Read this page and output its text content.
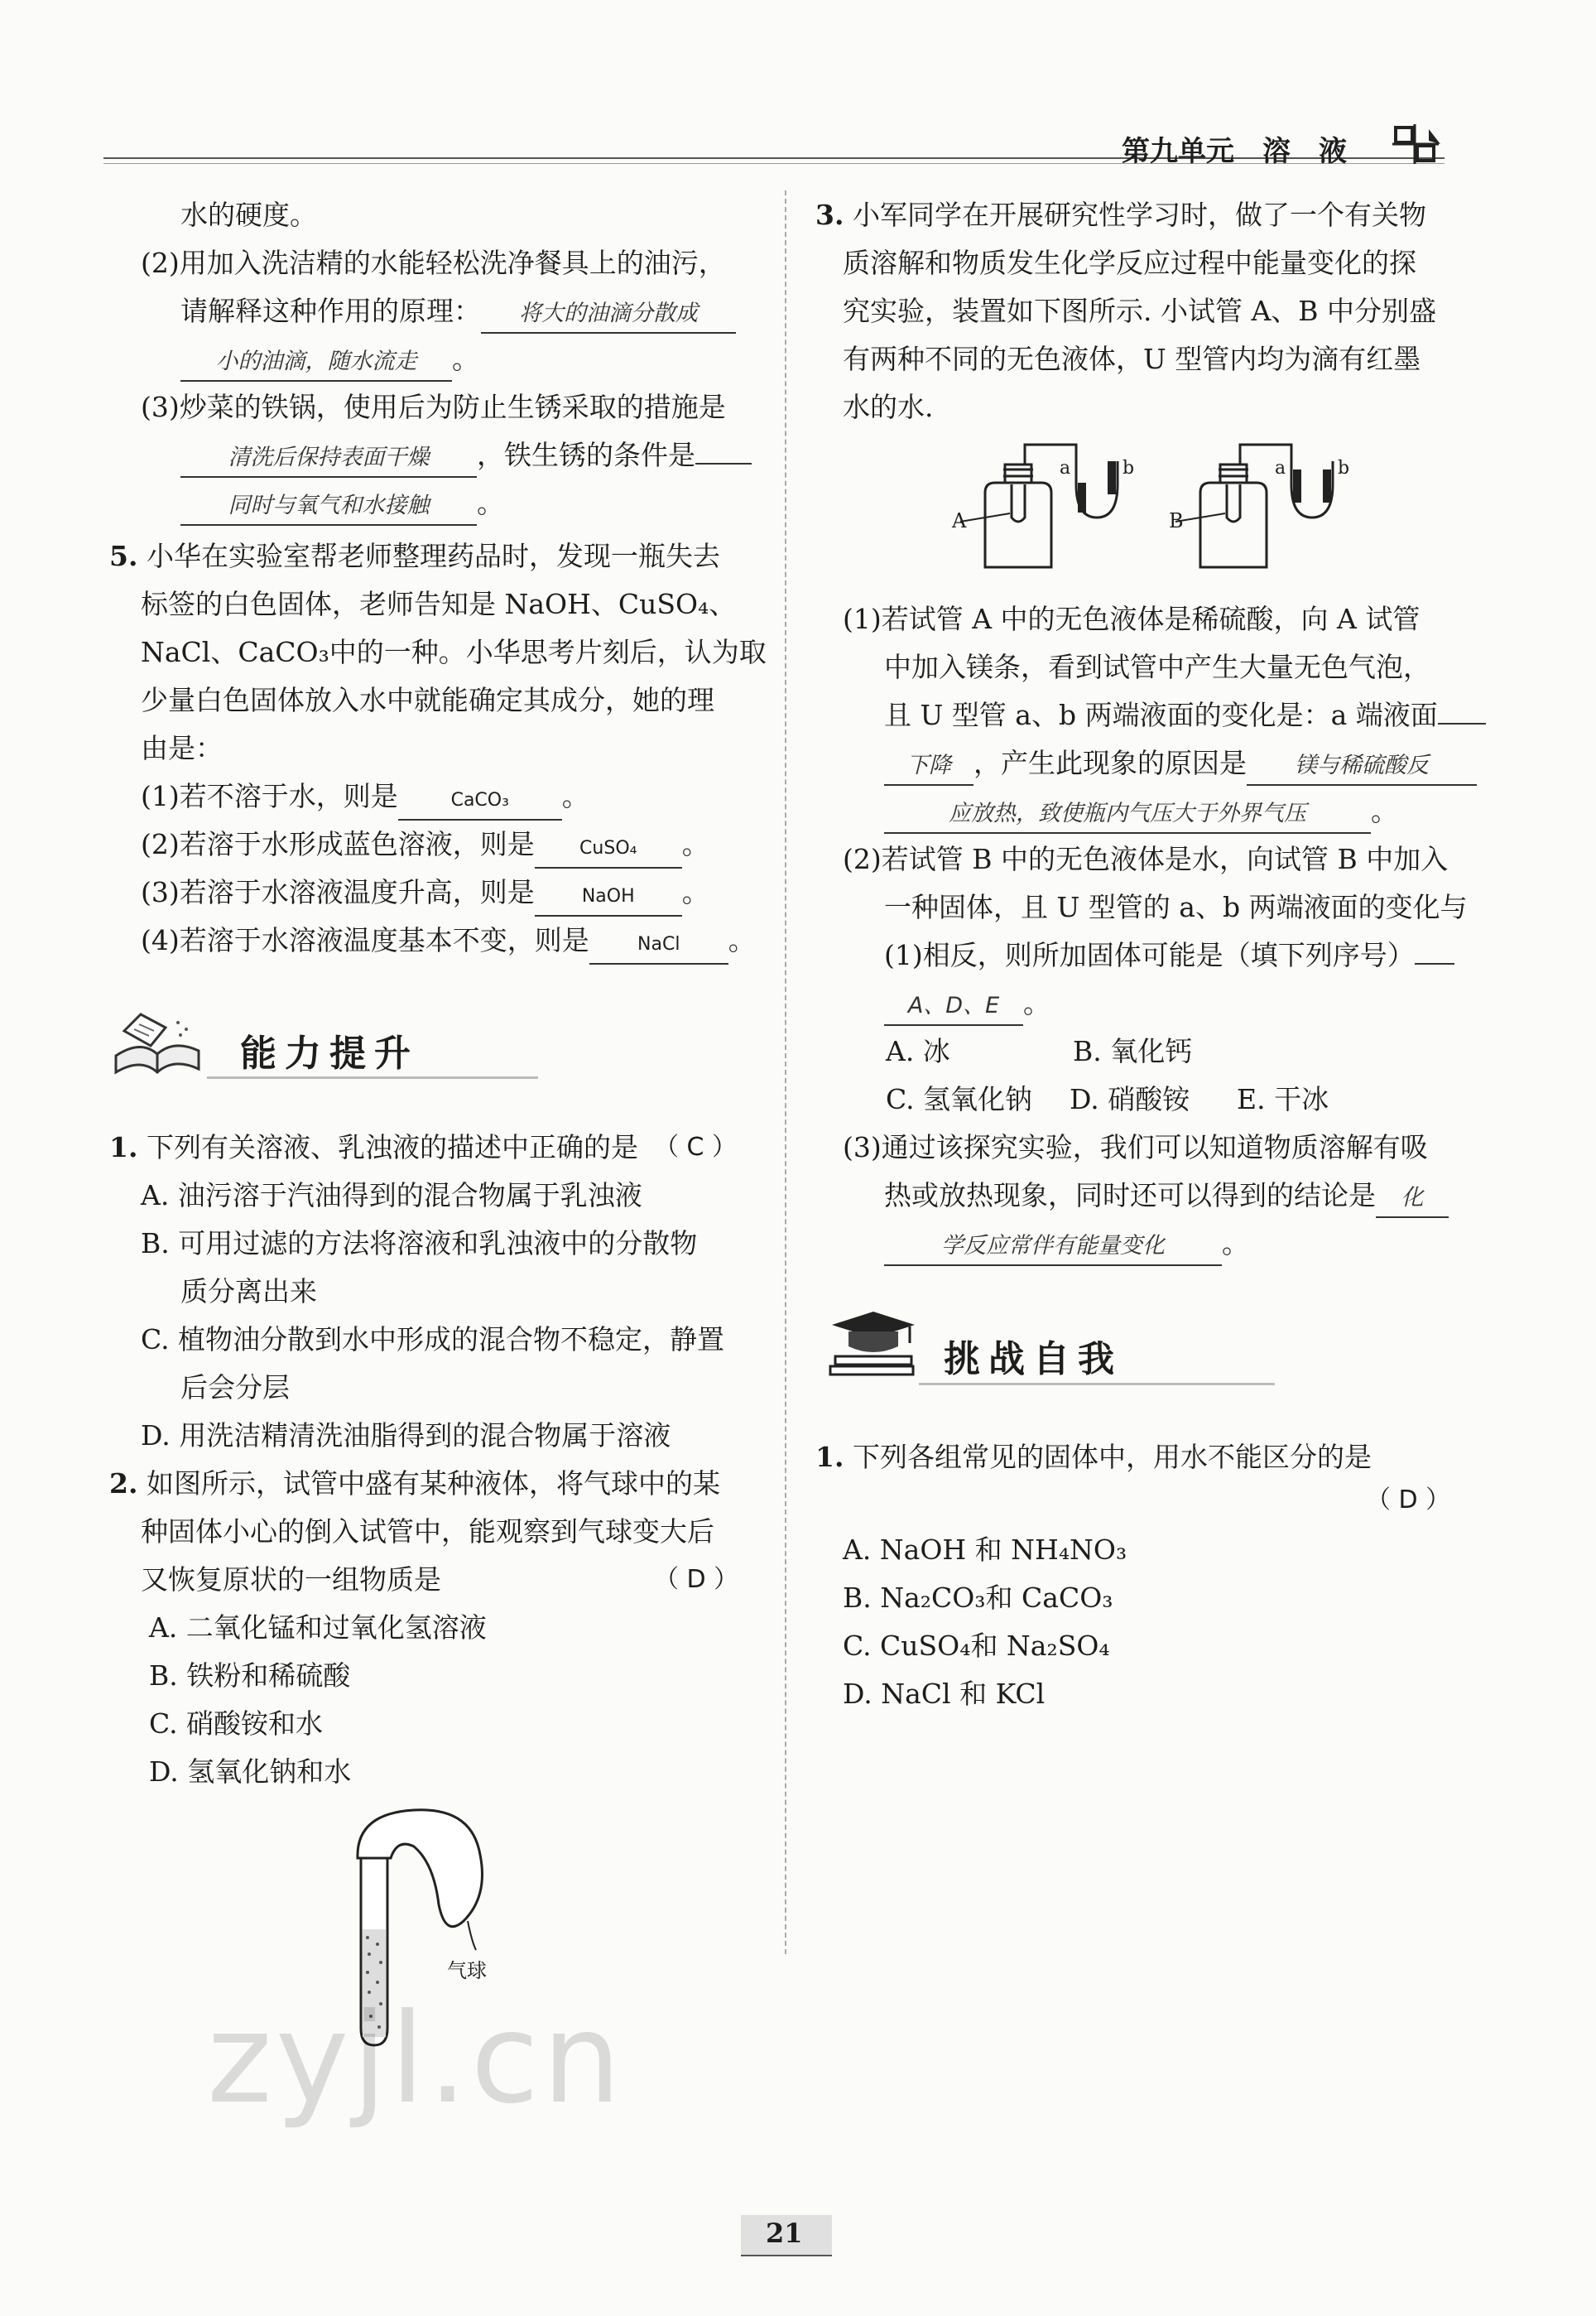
第九单元　溶　液
水的硬度。
(2)用加入洗洁精的水能轻松洗净餐具上的油污，
请解释这种作用的原理： 将大的油滴分散成
小的油滴，随水流走 。
(3)炒菜的铁锅，使用后为防止生锈采取的措施是
清洗后保持表面干燥 ，铁生锈的条件是
同时与氧气和水接触 。
5. 小华在实验室帮老师整理药品时，发现一瓶失去
标签的白色固体，老师告知是 NaOH、CuSO₄、
NaCl、CaCO₃中的一种。小华思考片刻后，认为取
少量白色固体放入水中就能确定其成分，她的理
由是：
(1)若不溶于水，则是	CaCO₃ 。
(2)若溶于水形成蓝色溶液，则是 CuSO₄ 。
(3)若溶于水溶液温度升高，则是	NaOH 。
(4)若溶于水溶液温度基本不变，则是	NaCl 。
能力提升
1. 下列有关溶液、乳浊液的描述中正确的是 （ C ）
A. 油污溶于汽油得到的混合物属于乳浊液
B. 可用过滤的方法将溶液和乳浊液中的分散物
质分离出来
C. 植物油分散到水中形成的混合物不稳定，静置
后会分层
D. 用洗洁精清洗油脂得到的混合物属于溶液
2. 如图所示，试管中盛有某种液体，将气球中的某
种固体小心的倒入试管中，能观察到气球变大后
又恢复原状的一组物质是	（ D ）
A. 二氧化锰和过氧化氢溶液
B. 铁粉和稀硫酸
C. 硝酸铵和水
D. 氢氧化钠和水
气球
3. 小军同学在开展研究性学习时，做了一个有关物
质溶解和物质发生化学反应过程中能量变化的探
究实验，装置如下图所示. 小试管 A、B 中分别盛
有两种不同的无色液体，U 型管内均为滴有红墨
水的水.
A	B
a	b	a	b
(1)若试管 A 中的无色液体是稀硫酸，向 A 试管
中加入镁条，看到试管中产生大量无色气泡，
且 U 型管 a、b 两端液面的变化是：a 端液面
下降 ，产生此现象的原因是 镁与稀硫酸反
应放热，致使瓶内气压大于外界气压 。
(2)若试管 B 中的无色液体是水，向试管 B 中加入
一种固体，且 U 型管的 a、b 两端液面的变化与
(1)相反，则所加固体可能是（填下列序号）
A、D、E 。
A. 冰	B. 氧化钙
C. 氢氧化钠 D. 硝酸铵 E. 干冰
(3)通过该探究实验，我们可以知道物质溶解有吸
热或放热现象，同时还可以得到的结论是 化
学反应常伴有能量变化 。
挑战自我
1. 下列各组常见的固体中，用水不能区分的是
（ D ）
A. NaOH 和 NH₄NO₃
B. Na₂CO₃和 CaCO₃
C. CuSO₄和 Na₂SO₄
D. NaCl 和 KCl
zyjl.cn
21
